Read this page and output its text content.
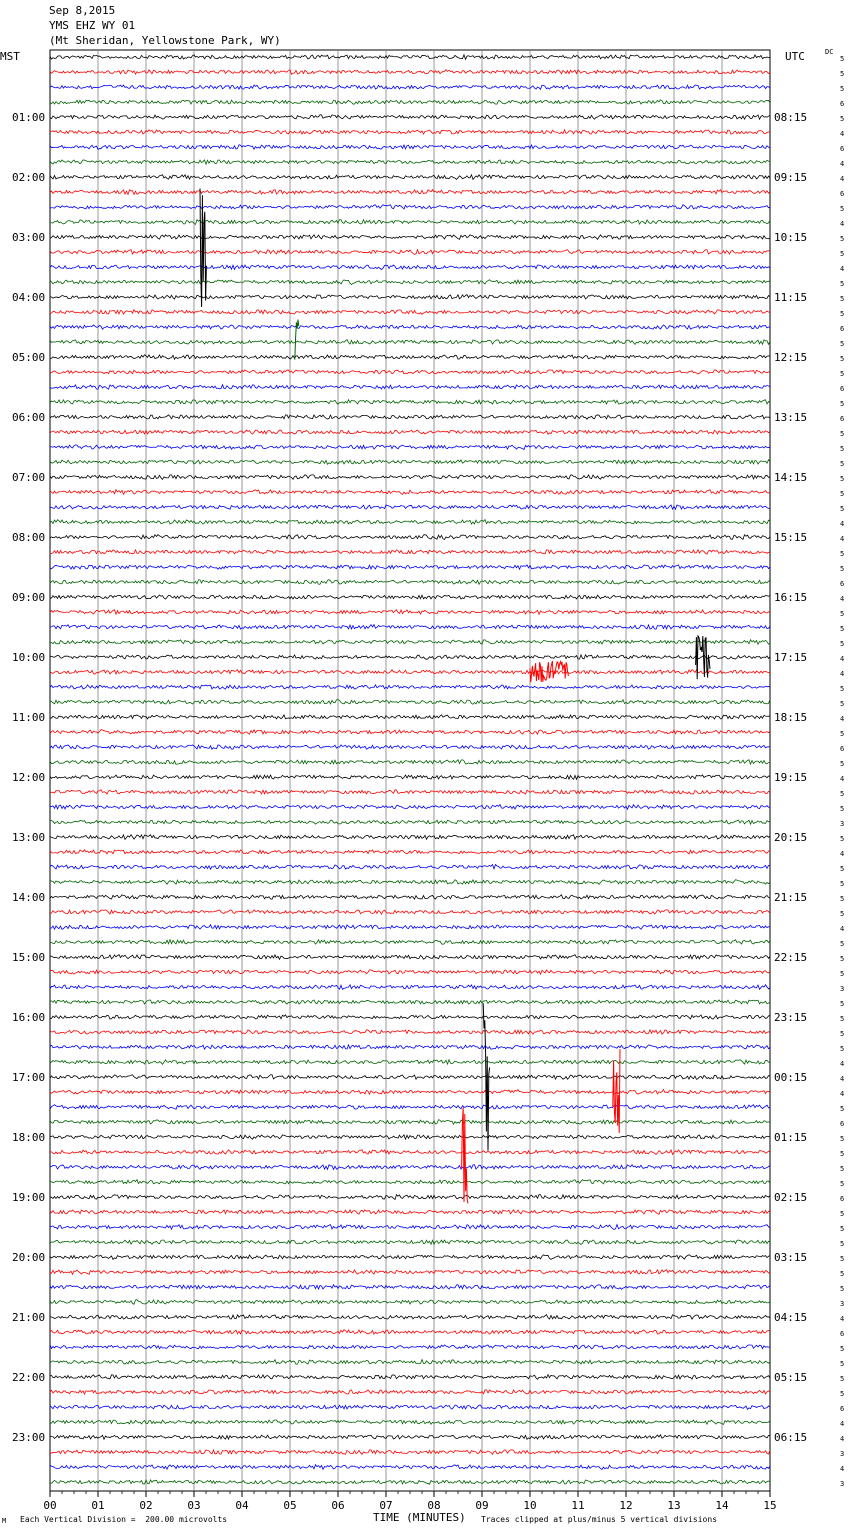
Sep 8,2015
YMS EHZ WY 01
(Mt Sheridan, Yellowstone Park, WY)
MST	UTC	DC
00	01	02	03	04	05	06	07	08	09	10	11	12	13	14	15
5
5
5
6
5
4
6
4
4
6
5
4
5
5
4
5
5
5
6
5
5
5
6
5
6
5
5
5
5
5
5
4
4
5
5
6
4
5
5
5
4
4
5
5
4
5
6
5
4
5
5
3
5
4
5
5
5
5
4
5
5
5
3
5
5
5
5
4
4
4
5
6
5
5
5
5
6
5
5
5
5
5
5
3
4
6
5
5
5
5
6
4
4
3
4
3
01:00
02:00
03:00
04:00
05:00
06:00
07:00
08:00
09:00
10:00
11:00
12:00
13:00
14:00
15:00
16:00
17:00
18:00
19:00
20:00
21:00
22:00
23:00
08:15
09:15
10:15
11:15
12:15
13:15
14:15
15:15
16:15
17:15
18:15
19:15
20:15
21:15
22:15
23:15
00:15
01:15
02:15
03:15
04:15
05:15
06:15
M Each Vertical Division =  200.00 microvolts	TIME (MINUTES) Traces clipped at plus/minus 5 vertical divisions
